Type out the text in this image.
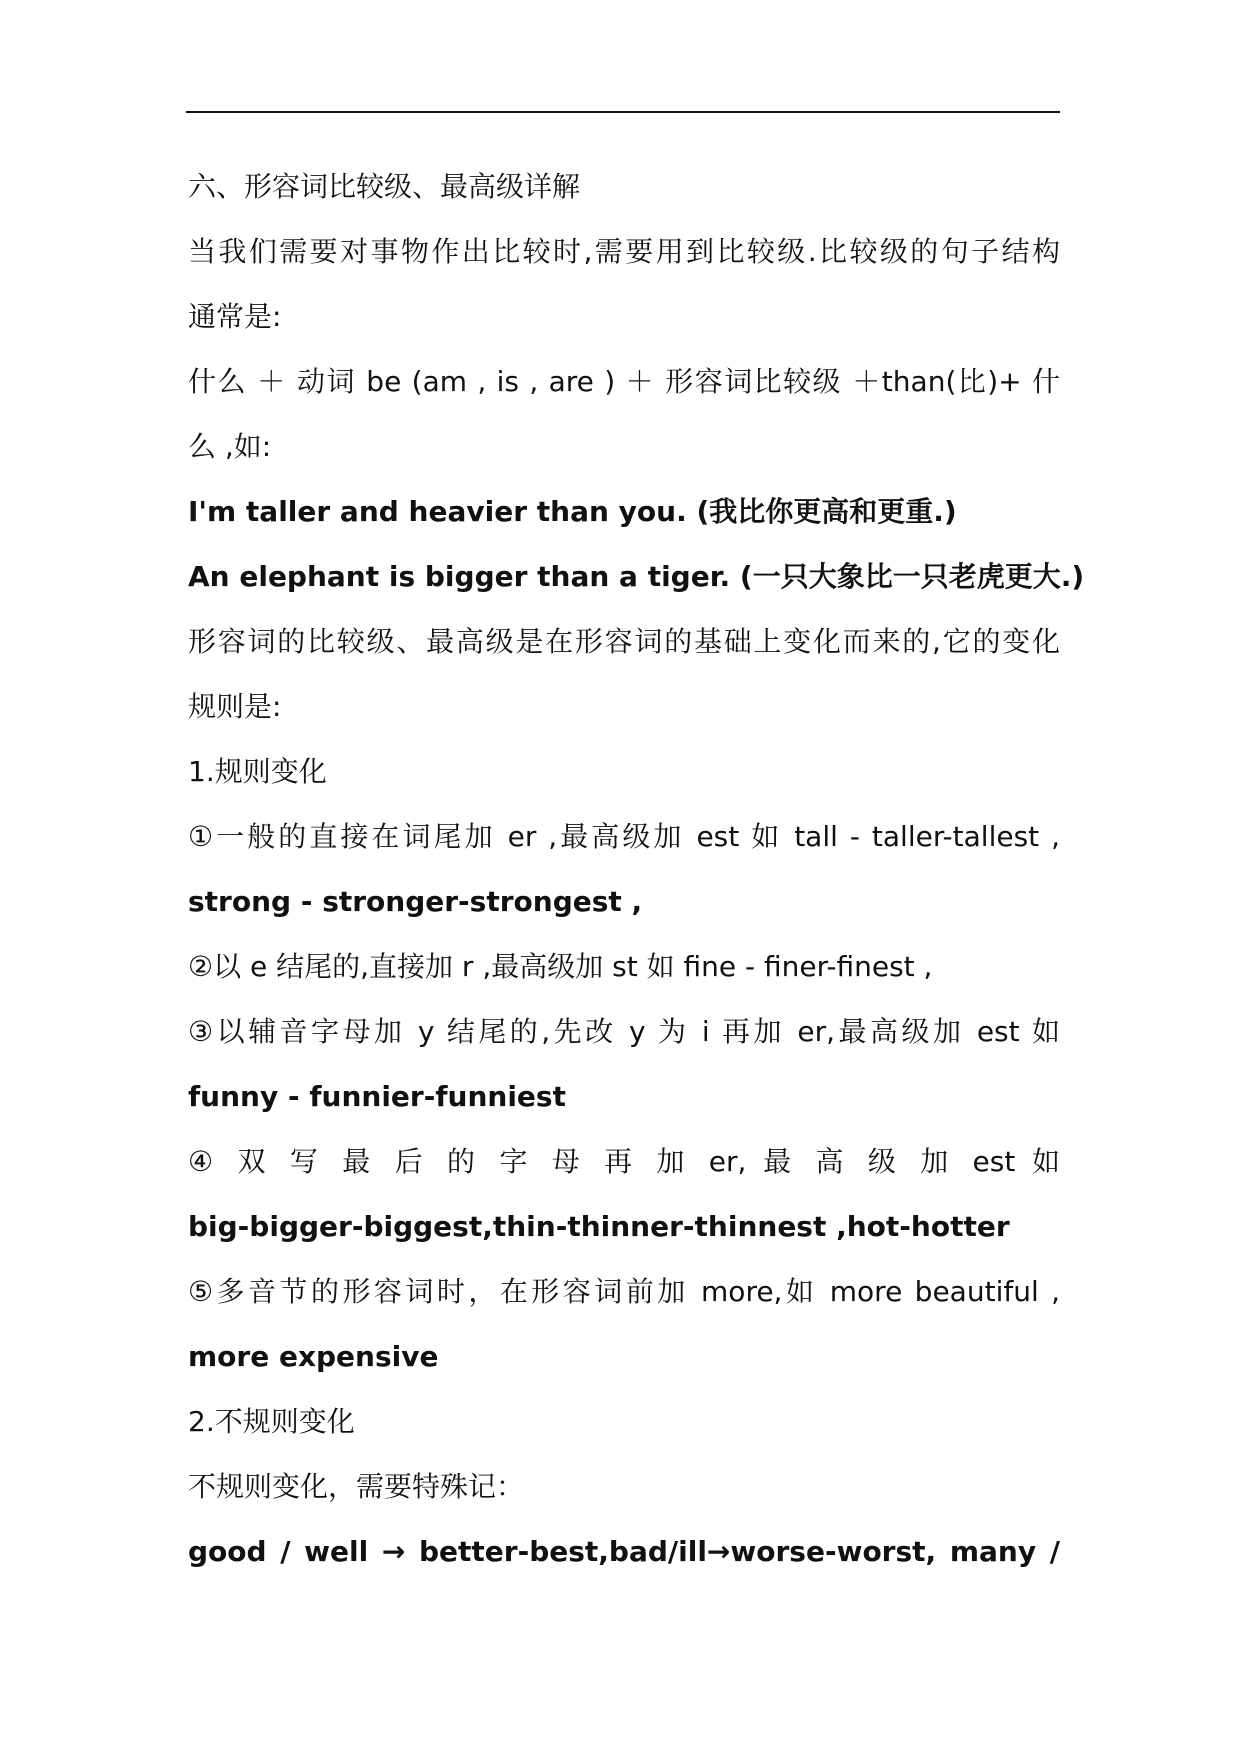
六、形容词比较级、最高级详解
当我们需要对事物作出比较时,需要用到比较级.比较级的句子结构
通常是:
什么 ＋ 动词 be (am , is , are ) ＋ 形容词比较级 ＋than(比)+ 什
么 ,如:
I'm taller and heavier than you. (我比你更高和更重.)
An elephant is bigger than a tiger. (一只大象比一只老虎更大.)
形容词的比较级、最高级是在形容词的基础上变化而来的,它的变化
规则是:
1.规则变化
①一般的直接在词尾加 er ,最高级加 est 如 tall - taller-tallest ,
strong - stronger-strongest ,
②以 e 结尾的,直接加 r ,最高级加 st 如 fine - finer-finest ,
③以辅音字母加 y 结尾的,先改 y 为 i 再加 er,最高级加 est 如
funny - funnier-funniest
④ 双 写 最 后 的 字 母 再 加 er, 最 高 级 加 est 如
big-bigger-biggest,thin-thinner-thinnest ,hot-hotter
⑤多音节的形容词时，在形容词前加 more,如 more beautiful ,
more expensive
2.不规则变化
不规则变化，需要特殊记：
good / well → better-best,bad/ill→worse-worst, many /
